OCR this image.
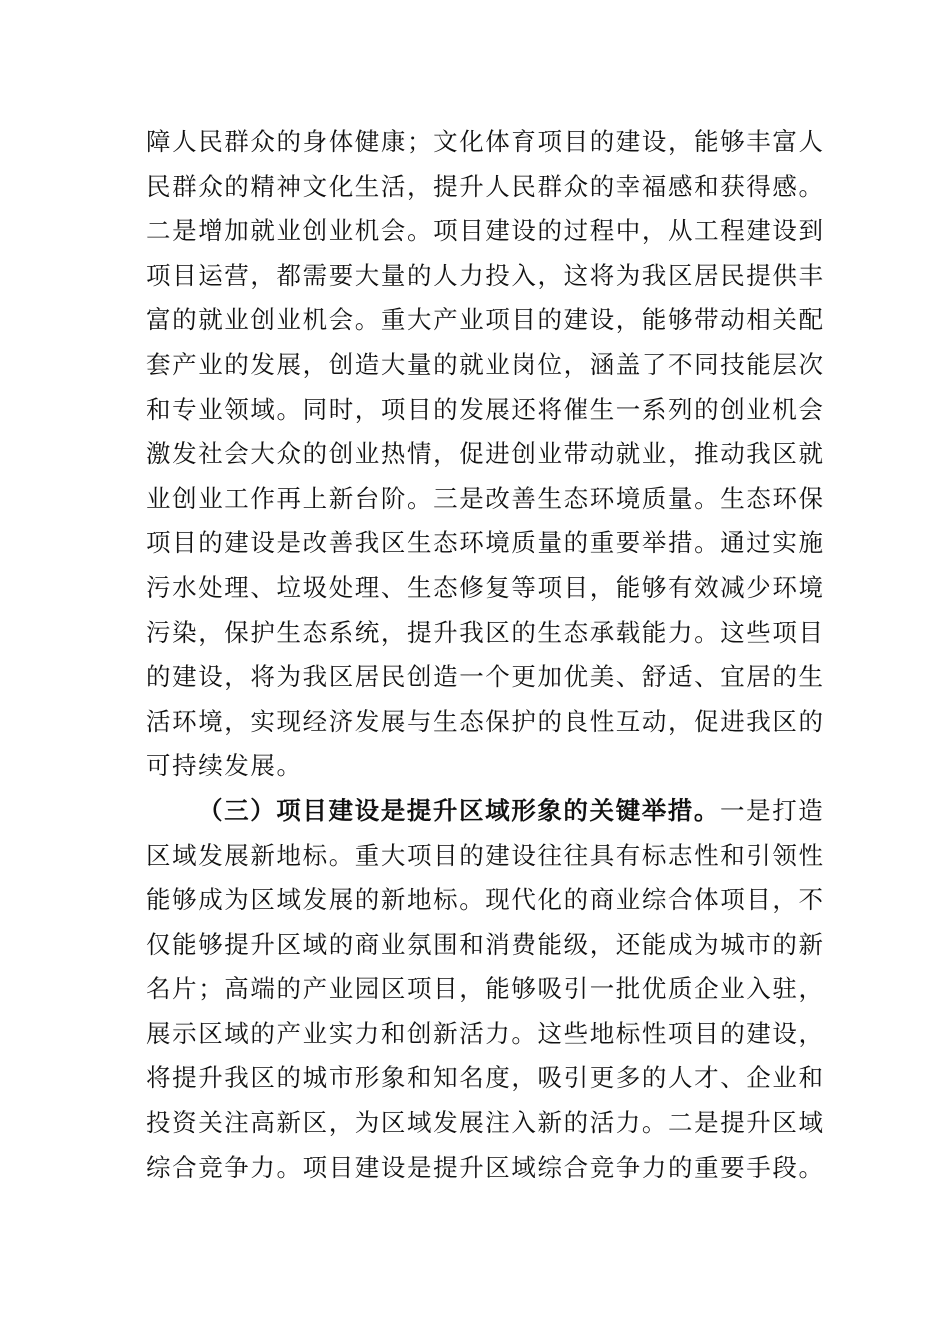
障人民群众的身体健康；文化体育项目的建设，能够丰富人
民群众的精神文化生活，提升人民群众的幸福感和获得感。
二是增加就业创业机会。项目建设的过程中，从工程建设到
项目运营，都需要大量的人力投入，这将为我区居民提供丰
富的就业创业机会。重大产业项目的建设，能够带动相关配
套产业的发展，创造大量的就业岗位，涵盖了不同技能层次
和专业领域。同时，项目的发展还将催生一系列的创业机会
激发社会大众的创业热情，促进创业带动就业，推动我区就
业创业工作再上新台阶。三是改善生态环境质量。生态环保
项目的建设是改善我区生态环境质量的重要举措。通过实施
污水处理、垃圾处理、生态修复等项目，能够有效减少环境
污染，保护生态系统，提升我区的生态承载能力。这些项目
的建设，将为我区居民创造一个更加优美、舒适、宜居的生
活环境，实现经济发展与生态保护的良性互动，促进我区的
可持续发展。
（三）项目建设是提升区域形象的关键举措。一是打造
区域发展新地标。重大项目的建设往往具有标志性和引领性
能够成为区域发展的新地标。现代化的商业综合体项目，不
仅能够提升区域的商业氛围和消费能级，还能成为城市的新
名片；高端的产业园区项目，能够吸引一批优质企业入驻，
展示区域的产业实力和创新活力。这些地标性项目的建设，
将提升我区的城市形象和知名度，吸引更多的人才、企业和
投资关注高新区，为区域发展注入新的活力。二是提升区域
综合竞争力。项目建设是提升区域综合竞争力的重要手段。
